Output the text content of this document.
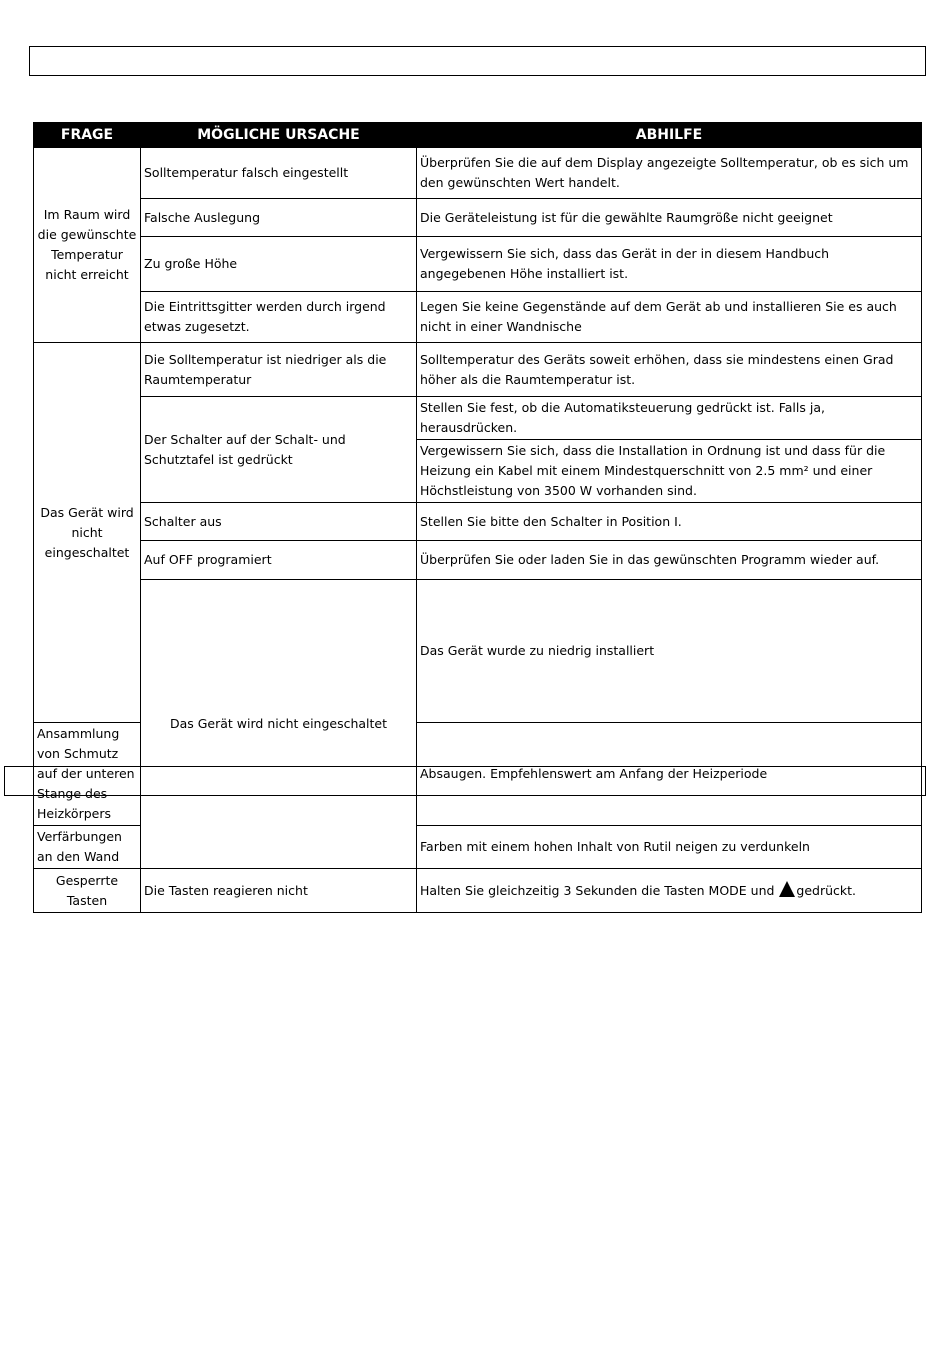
FRAGE	MÖGLICHE URSACHE	ABHILFE	
Im Raum wird die gewünschte Temperatur nicht erreicht	Solltemperatur falsch eingestellt	Überprüfen Sie die auf dem Display angezeigte Solltemperatur, ob es sich um den gewünschten Wert handelt.	
	Falsche Auslegung	Die Geräteleistung ist für die gewählte Raumgröße nicht geeignet	
	Zu große Höhe	Vergewissern Sie sich, dass das Gerät in der in diesem Handbuch angegebenen Höhe installiert ist.	
	Die Eintrittsgitter werden durch irgend etwas zugesetzt.	Legen Sie keine Gegenstände auf dem Gerät ab und installieren Sie es auch nicht in einer Wandnische	
Das Gerät wird nicht eingeschaltet	Die Solltemperatur ist niedriger als die Raumtemperatur	Solltemperatur des Geräts soweit erhöhen, dass sie mindestens einen Grad höher als die Raumtemperatur ist.	
	Der Schalter auf der Schalt- und Schutztafel ist gedrückt	Stellen Sie fest, ob die Automatiksteuerung gedrückt ist. Falls ja, herausdrücken.	
		Vergewissern Sie sich, dass die Installation in Ordnung ist und dass für die Heizung ein Kabel mit einem Mindestquerschnitt von 2.5 mm² und einer Höchstleistung von 3500 W vorhanden sind.	
	Schalter aus	Stellen Sie bitte den Schalter in Position I.	
	Auf OFF programiert	Überprüfen Sie oder laden Sie in das gewünschten Programm wieder auf.	
	Das Gerät wird nicht eingeschaltet	Das Gerät wurde zu niedrig installiert	
Ansammlung von Schmutz auf der unteren Stange des Heizkörpers		Absaugen. Empfehlenswert am Anfang der Heizperiode	
Verfärbungen an den Wand		Farben mit einem hohen Inhalt von Rutil neigen zu verdunkeln	
Gesperrte Tasten	Die Tasten reagieren nicht	Halten Sie gleichzeitig 3 Sekunden die Tasten MODE und gedrückt.	
